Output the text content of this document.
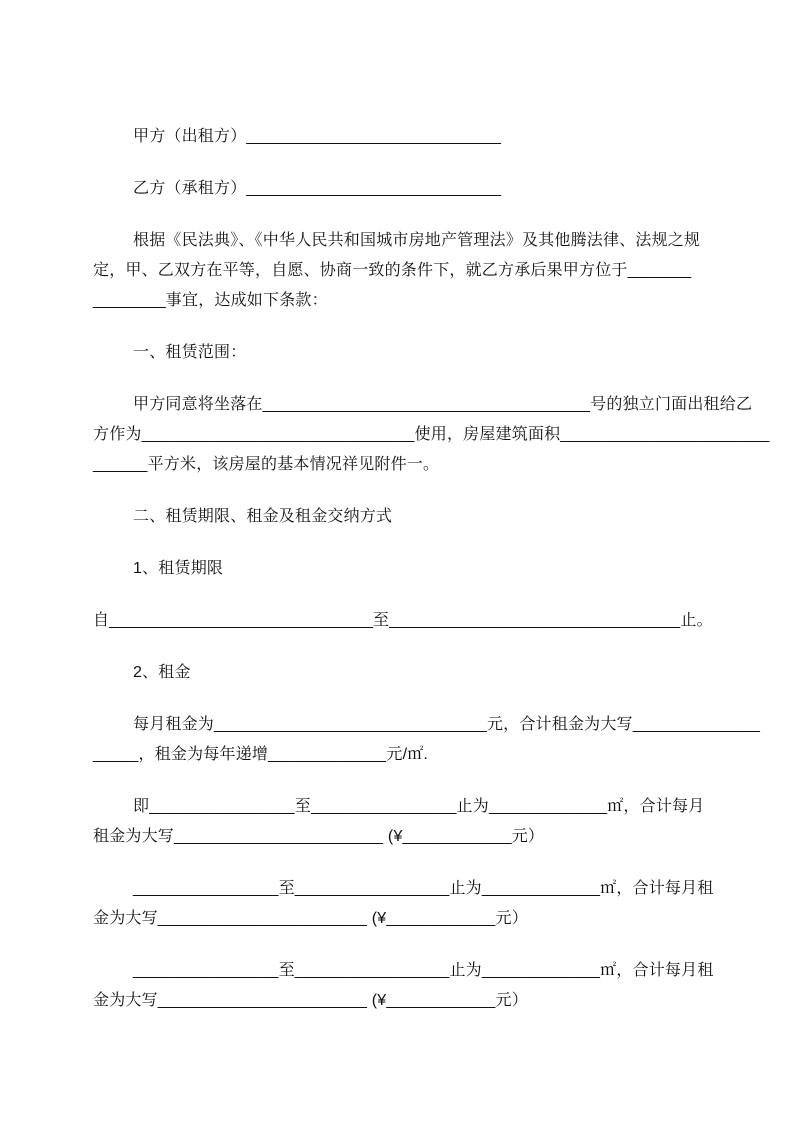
甲方（出租方）____________________________

乙方（承租方）____________________________

根据《民法典》、《中华人民共和国城市房地产管理法》及其他腾法律、法规之规

定，甲、乙双方在平等，自愿、协商一致的条件下，就乙方承后果甲方位于_______

________事宜，达成如下条款：

一、租赁范围：

甲方同意将坐落在____________________________________号的独立门面出租给乙

方作为______________________________使用，房屋建筑面积_______________________

______平方米，该房屋的基本情况祥见附件一。

二、租赁期限、租金及租金交纳方式

1、租赁期限

自_____________________________至________________________________止。

2、租金

每月租金为______________________________元，合计租金为大写______________

_____，租金为每年递增_____________元/㎡.

即________________至________________止为_____________㎡，合计每月

租金为大写_______________________ (¥____________元）

________________至_________________止为_____________㎡，合计每月租

金为大写_______________________ (¥____________元）

________________至_________________止为_____________㎡，合计每月租

金为大写_______________________ (¥____________元）
